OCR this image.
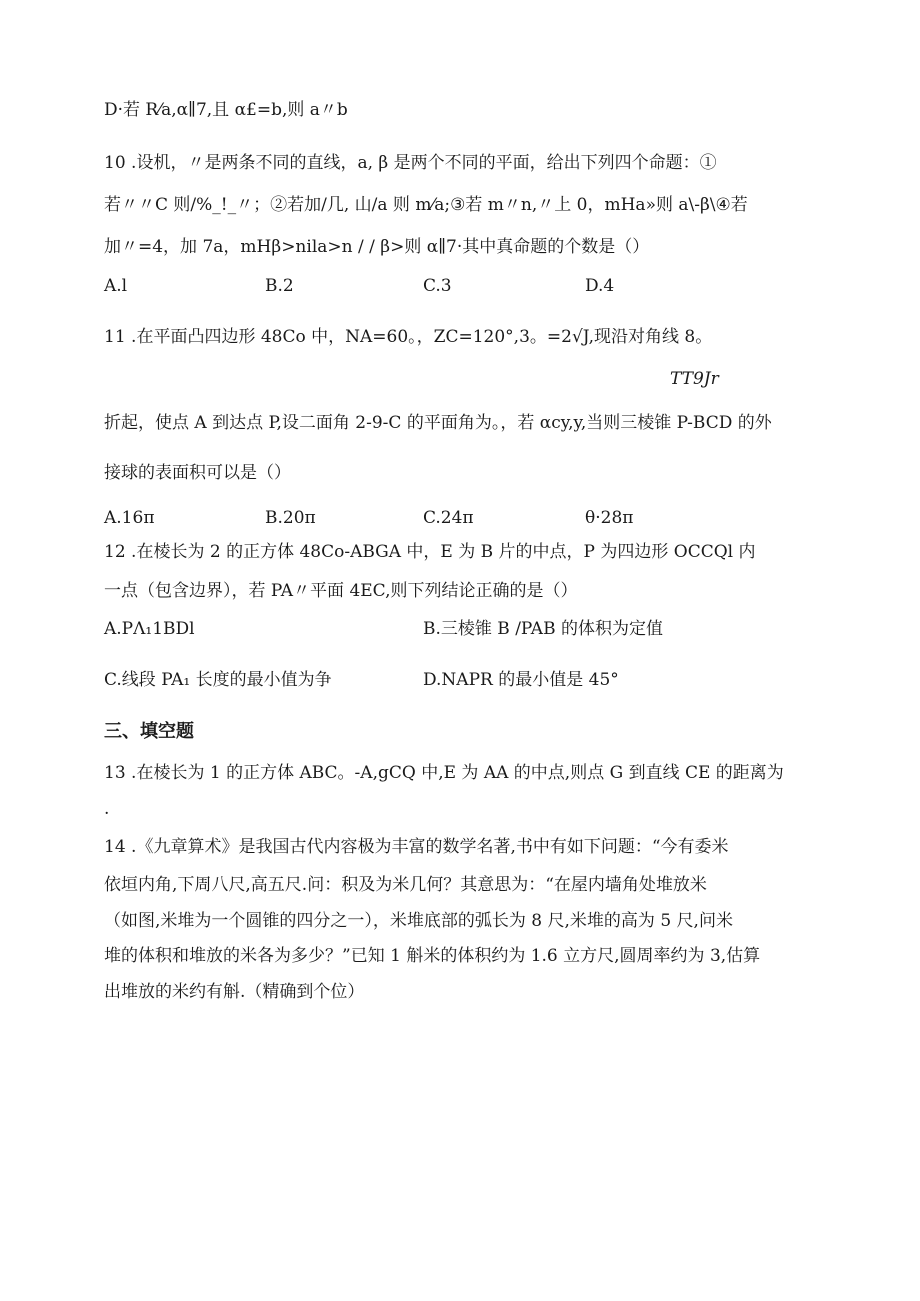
D·若 R⁄a,α∥7,且 α£=b,则 a〃b

10 .设机，〃是两条不同的直线，a, β 是两个不同的平面，给出下列四个命题：①

若〃〃C 则/%_!_〃；②若加/几, 山/a 则 m⁄a;③若 m〃n,〃上 0，mHa»则 a\-β\④若

加〃=4，加 7a，mHβ>nila>n / / β>则 α∥7·其中真命题的个数是（）

A.l	B.2	C.3	D.4

11 .在平面凸四边形 48Co 中，NA=60。，ZC=120°,3。=2√J,现沿对角线 8。

TT9Jr

折起，使点 A 到达点 P,设二面角 2-9-C 的平面角为。，若 αcy,y,当则三棱锥 P-BCD 的外

接球的表面积可以是（）

A.16π	B.20π	C.24π	θ·28π

12 .在棱长为 2 的正方体 48Co-ABGA 中，E 为 B 片的中点，P 为四边形 OCCQl 内

一点（包含边界），若 PA〃平面 4EC,则下列结论正确的是（）

A.PΛ₁1BDl	B.三棱锥 B /PAB 的体积为定值
C.线段 PA₁ 长度的最小值为争	D.NAPR 的最小值是 45°
三、填空题

13 .在棱长为 1 的正方体 ABC。-A,gCQ 中,E 为 AA 的中点,则点 G 到直线 CE 的距离为

.

14 .《九章算术》是我国古代内容极为丰富的数学名著,书中有如下问题：“今有委米

依垣内角,下周八尺,高五尺.问：积及为米几何？其意思为：“在屋内墙角处堆放米

（如图,米堆为一个圆锥的四分之一），米堆底部的弧长为 8 尺,米堆的高为 5 尺,问米

堆的体积和堆放的米各为多少？”已知 1 斛米的体积约为 1.6 立方尺,圆周率约为 3,估算

出堆放的米约有斛.（精确到个位）
